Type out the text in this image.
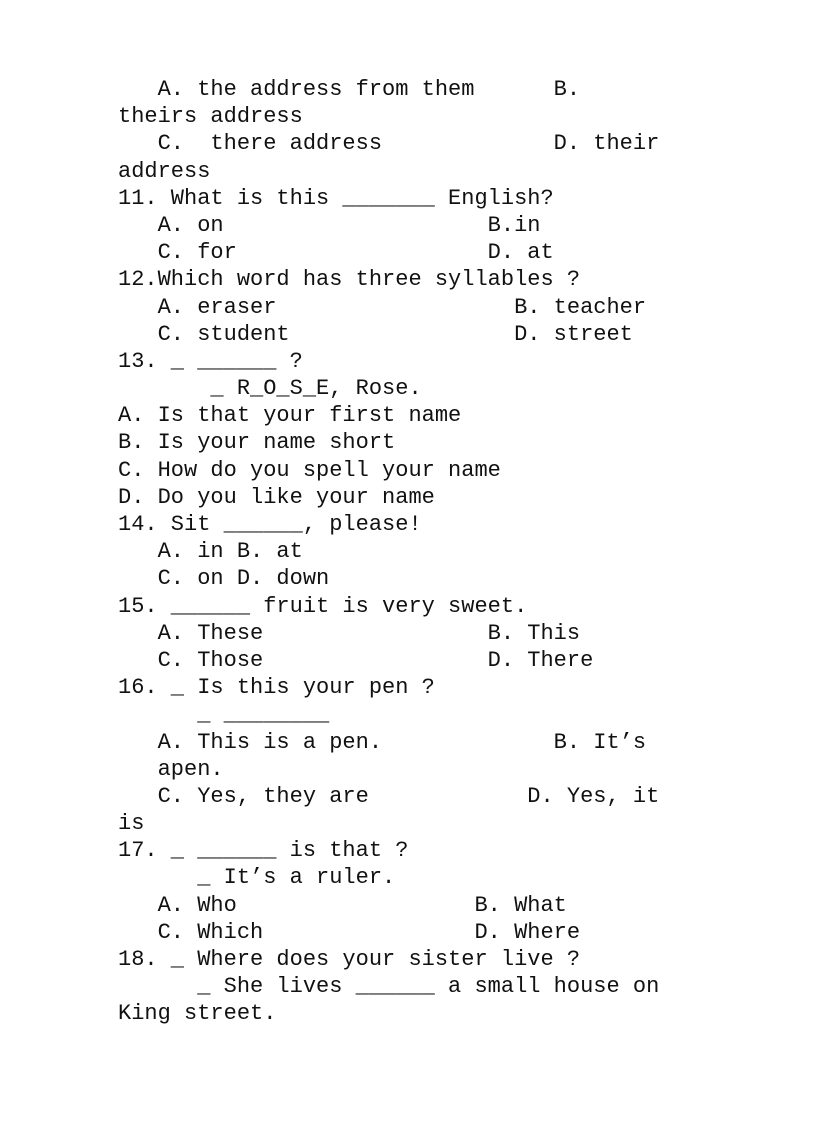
A. the address from them      B.
theirs address
C.  there address             D. their
address
11. What is this _______ English?
A. on                    B.in
C. for                   D. at
12.Which word has three syllables ?
A. eraser                  B. teacher
C. student                 D. street
13. _ ______ ?
_ R_O_S_E, Rose.
A. Is that your first name
B. Is your name short
C. How do you spell your name
D. Do you like your name
14. Sit ______, please!
A. in B. at
C. on D. down
15. ______ fruit is very sweet.
A. These                 B. This
C. Those                 D. There
16. _ Is this your pen ?
_ ________
A. This is a pen.             B. It’s
apen.
C. Yes, they are            D. Yes, it
is
17. _ ______ is that ?
_ It’s a ruler.
A. Who                  B. What
C. Which                D. Where
18. _ Where does your sister live ?
_ She lives ______ a small house on
King street.
